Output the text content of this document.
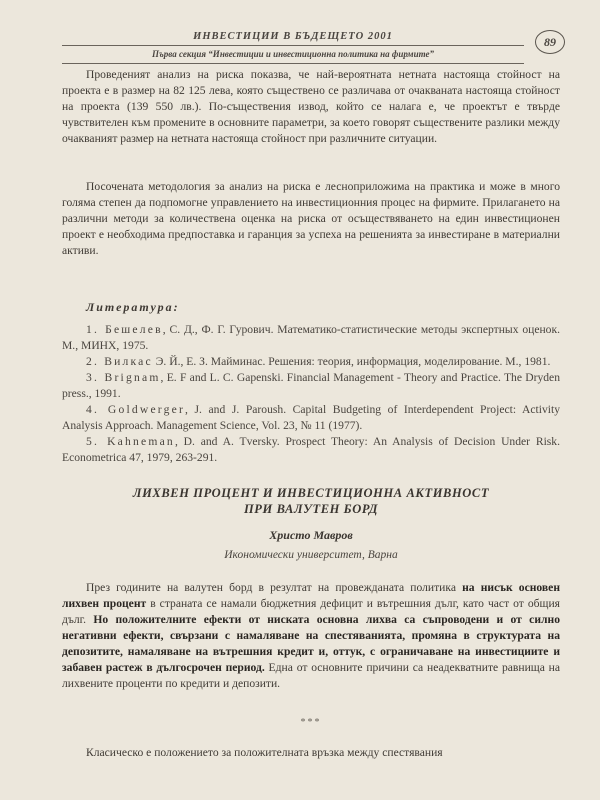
ИНВЕСТИЦИИ В БЪДЕЩЕТО 2001
Първа секция “Инвестиции и инвестиционна политика на фирмите”
89

Проведеният анализ на риска показва, че най-вероятната нетната настояща стойност на проекта е в размер на 82 125 лева, която съществено се различава от очакваната настояща стойност на проекта (139 550 лв.). По-съществения извод, който се налага е, че проектът е твърде чувствителен към промените в основните параметри, за което говорят съществените разлики между очакваният размер на нетната настояща стойност при различните ситуации.

Посочената методология за анализ на риска е леснoприложима на практика и може в много голяма степен да подпомогне управлението на инвестиционния процес на фирмите. Прилагането на различни методи за количествена оценка на риска от осъществяването на един инвестиционен проект е необходима предпоставка и гаранция за успеха на решенията за инвестиране в материални активи.

Литература:
1. Бешелев, С. Д., Ф. Г. Гурович. Математико-статистические методы экспертных оценок. М., МИНХ, 1975.
2. Вилкас Э. Й., Е. З. Майминас. Решения: теория, информация, моделирование. М., 1981.
3. Brignam, E. F and L. C. Gapenski. Financial Management - Theory and Practice. The Dryden press., 1991.
4. Goldwerger, J. and J. Paroush. Capital Budgeting of Interdependent Project: Activity Analysis Approach. Management Science, Vol. 23, № 11 (1977).
5. Kahneman, D. and A. Tversky. Prospect Theory: An Analysis of Decision Under Risk. Econometrica 47, 1979, 263-291.
ЛИХВЕН ПРОЦЕНТ И ИНВЕСТИЦИОННА АКТИВНОСТ
ПРИ ВАЛУТЕН БОРД
Христо Мавров
Икономически университет, Варна

През годините на валутен борд в резултат на провежданата политика на нисък основен лихвен процент в страната се намали бюджетния дефицит и вътрешния дълг, като част от общия дълг. Но положителните ефекти от ниската основна лихва са съпроводени и от силно негативни ефекти, свързани с намаляване на спестяванията, промяна в структурата на депозитите, намаляване на вътрешния кредит и, оттук, с ограничаване на инвестициите и забавен растеж в дългосрочен период. Една от основните причини са неадекватните равнища на лихвените проценти по кредити и депозити.

***

Класическо е положението за положителната връзка между спестявания
